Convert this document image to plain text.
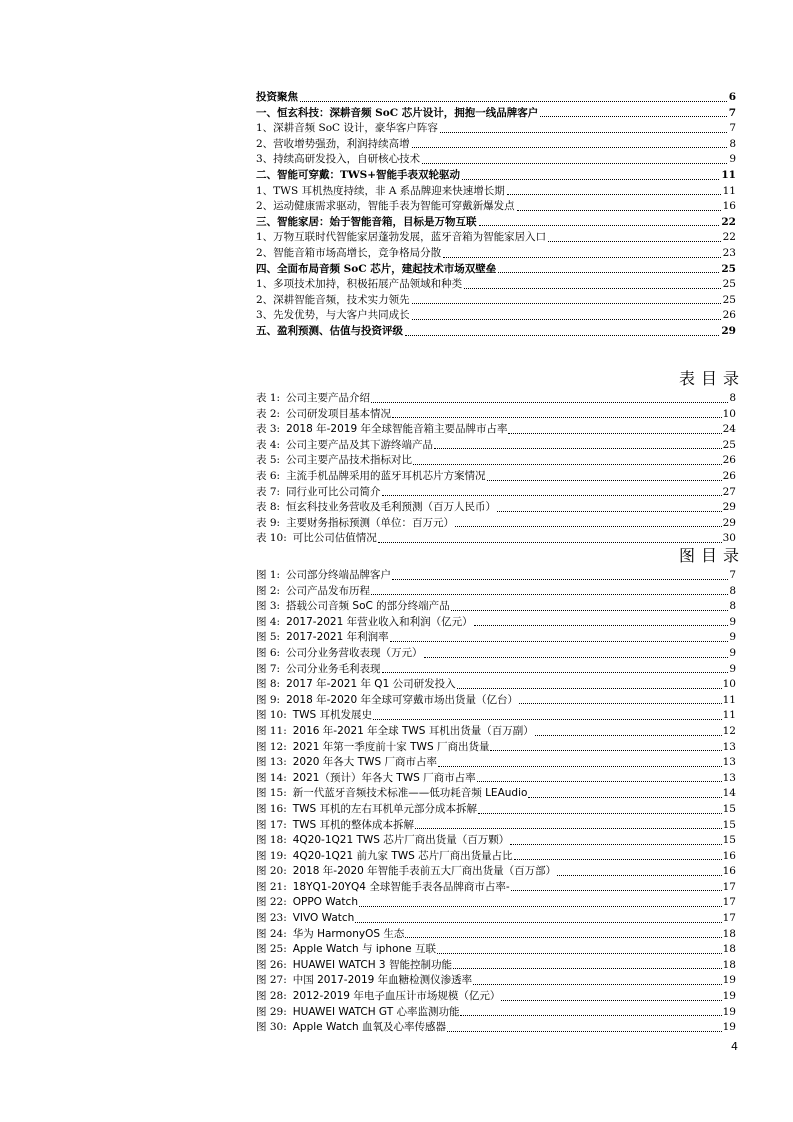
投资聚焦	6
一、恒玄科技：深耕音频 SoC 芯片设计，拥抱一线品牌客户	7
1、深耕音频 SoC 设计，豪华客户阵容	7
2、营收增势强劲，利润持续高增	8
3、持续高研发投入，自研核心技术	9
二、智能可穿戴：TWS+智能手表双轮驱动	11
1、TWS 耳机热度持续，非 A 系品牌迎来快速增长期	11
2、运动健康需求驱动，智能手表为智能可穿戴新爆发点	16
三、智能家居：始于智能音箱，目标是万物互联	22
1、万物互联时代智能家居蓬勃发展，蓝牙音箱为智能家居入口	22
2、智能音箱市场高增长，竞争格局分散	23
四、全面布局音频 SoC 芯片，建起技术市场双壁垒	25
1、多项技术加持，积极拓展产品领域和种类	25
2、深耕智能音频，技术实力领先	25
3、先发优势，与大客户共同成长	26
五、盈利预测、估值与投资评级	29
表目录
表 1: 公司主要产品介绍	8
表 2: 公司研发项目基本情况	10
表 3: 2018 年-2019 年全球智能音箱主要品牌市占率	24
表 4: 公司主要产品及其下游终端产品	25
表 5: 公司主要产品技术指标对比	26
表 6: 主流手机品牌采用的蓝牙耳机芯片方案情况	26
表 7: 同行业可比公司简介	27
表 8: 恒玄科技业务营收及毛利预测（百万人民币）	29
表 9: 主要财务指标预测（单位：百万元）	29
表 10: 可比公司估值情况	30
图目录
图 1: 公司部分终端品牌客户	7
图 2: 公司产品发布历程	8
图 3: 搭载公司音频 SoC 的部分终端产品	8
图 4: 2017-2021 年营业收入和利润（亿元）	9
图 5: 2017-2021 年利润率	9
图 6: 公司分业务营收表现（万元）	9
图 7: 公司分业务毛利表现	9
图 8: 2017 年-2021 年 Q1 公司研发投入	10
图 9: 2018 年-2020 年全球可穿戴市场出货量（亿台）	11
图 10: TWS 耳机发展史	11
图 11: 2016 年-2021 年全球 TWS 耳机出货量（百万副）	12
图 12: 2021 年第一季度前十家 TWS 厂商出货量	13
图 13: 2020 年各大 TWS 厂商市占率	13
图 14: 2021（预计）年各大 TWS 厂商市占率	13
图 15: 新一代蓝牙音频技术标准——低功耗音频 LEAudio	14
图 16: TWS 耳机的左右耳机单元部分成本拆解	15
图 17: TWS 耳机的整体成本拆解	15
图 18: 4Q20-1Q21 TWS 芯片厂商出货量（百万颗）	15
图 19: 4Q20-1Q21 前九家 TWS 芯片厂商出货量占比	16
图 20: 2018 年-2020 年智能手表前五大厂商出货量（百万部）	16
图 21: 18YQ1-20YQ4 全球智能手表各品牌商市占率-	17
图 22: OPPO Watch	17
图 23: VIVO Watch	17
图 24: 华为 HarmonyOS 生态	18
图 25: Apple Watch 与 iphone 互联	18
图 26: HUAWEI WATCH 3 智能控制功能	18
图 27: 中国 2017-2019 年血糖检测仪渗透率	19
图 28: 2012-2019 年电子血压计市场规模（亿元）	19
图 29: HUAWEI WATCH GT 心率监测功能	19
图 30: Apple Watch 血氧及心率传感器	19
4
